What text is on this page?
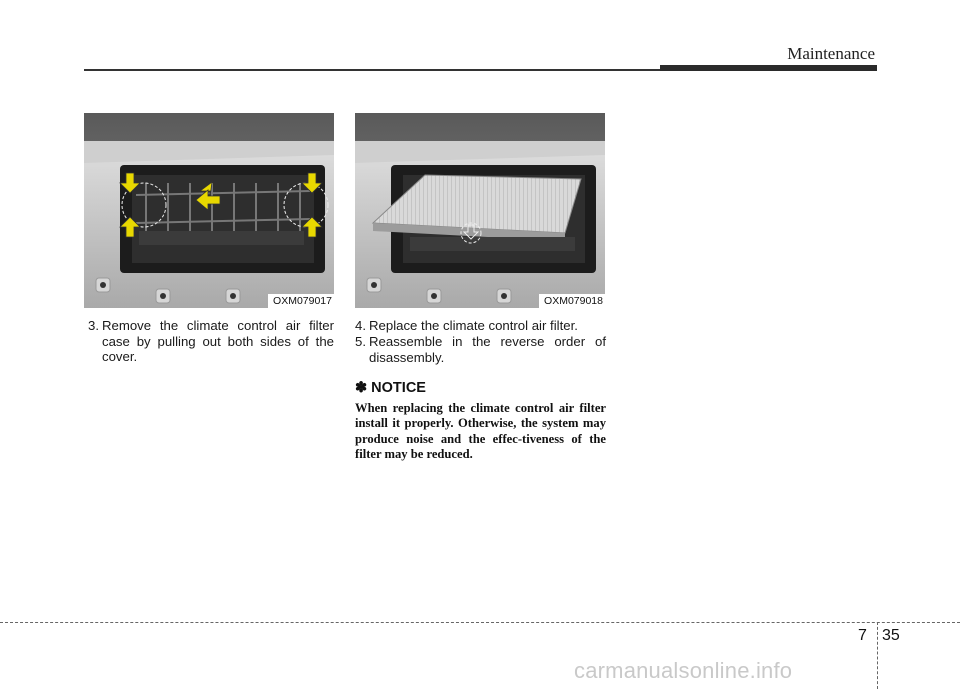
Maintenance
OXM079017	OXM079018
3. Remove the climate control air filter case by pulling out both sides of the cover.
4. Replace the climate control air filter.
5. Reassemble in the reverse order of disassembly.
✽ NOTICE
When replacing the climate control air filter install it properly. Otherwise, the system may produce noise and the effec-tiveness of the filter may be reduced.
7 35
carmanualsonline.info
